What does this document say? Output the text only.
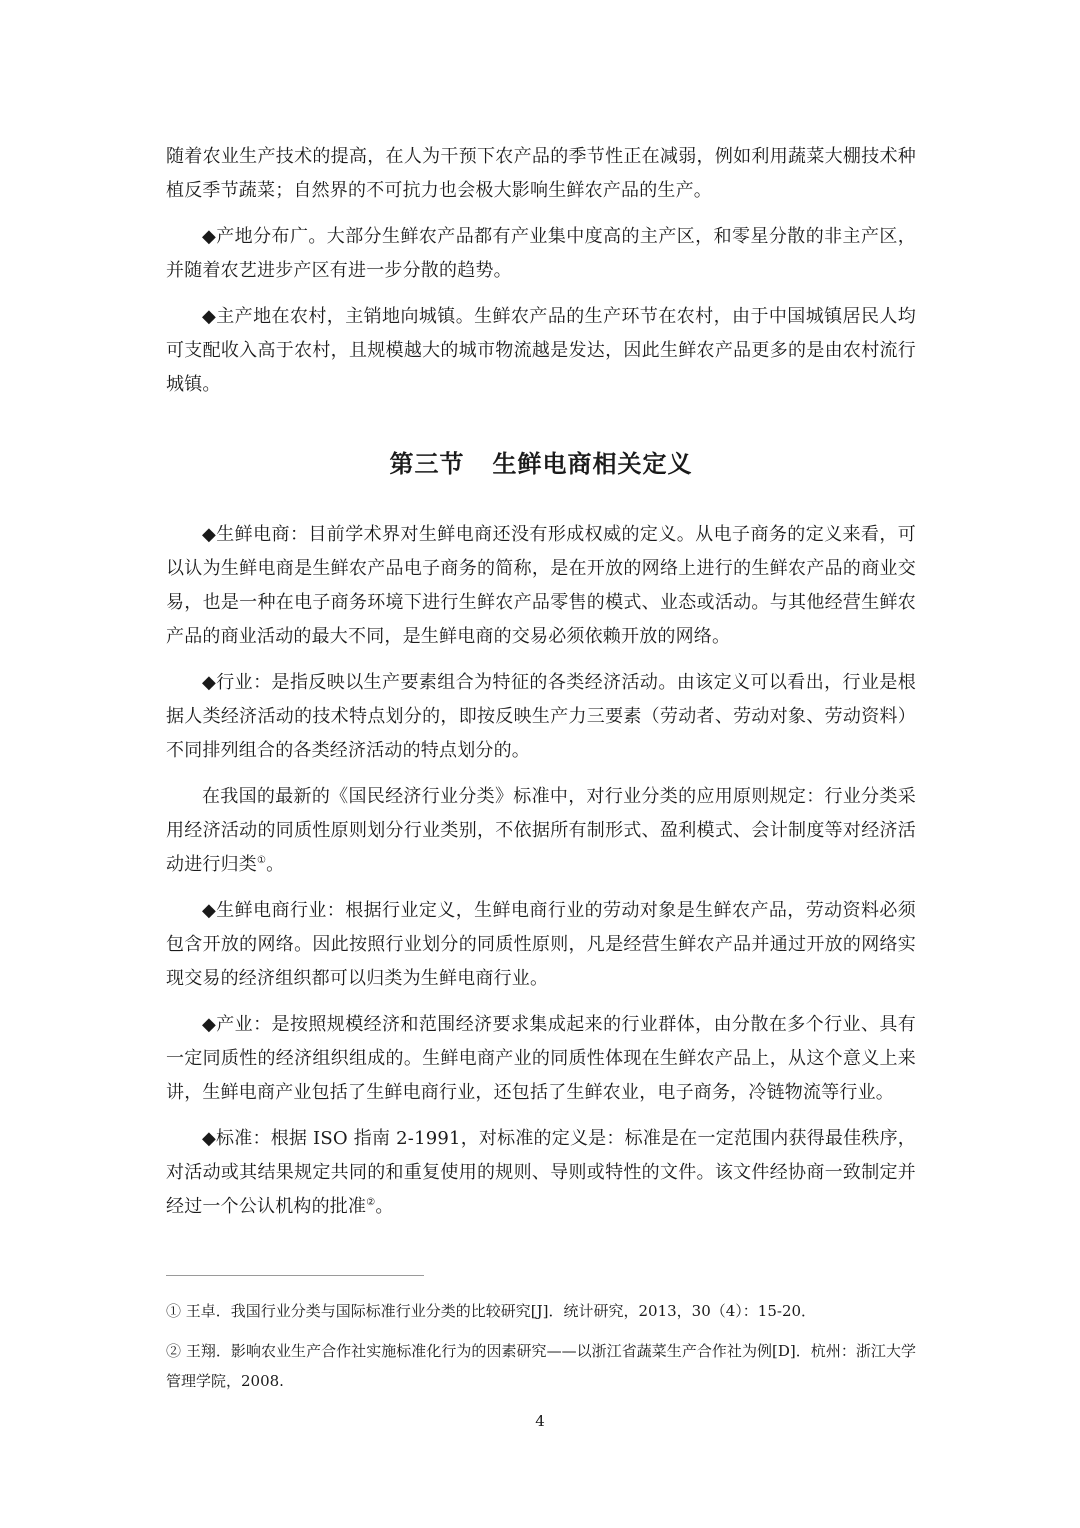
随着农业生产技术的提高，在人为干预下农产品的季节性正在减弱，例如利用蔬菜大棚技术种植反季节蔬菜；自然界的不可抗力也会极大影响生鲜农产品的生产。

◆产地分布广。大部分生鲜农产品都有产业集中度高的主产区，和零星分散的非主产区，并随着农艺进步产区有进一步分散的趋势。

◆主产地在农村，主销地向城镇。生鲜农产品的生产环节在农村，由于中国城镇居民人均可支配收入高于农村，且规模越大的城市物流越是发达，因此生鲜农产品更多的是由农村流行城镇。

第三节 生鲜电商相关定义

◆生鲜电商：目前学术界对生鲜电商还没有形成权威的定义。从电子商务的定义来看，可以认为生鲜电商是生鲜农产品电子商务的简称，是在开放的网络上进行的生鲜农产品的商业交易，也是一种在电子商务环境下进行生鲜农产品零售的模式、业态或活动。与其他经营生鲜农产品的商业活动的最大不同，是生鲜电商的交易必须依赖开放的网络。

◆行业：是指反映以生产要素组合为特征的各类经济活动。由该定义可以看出，行业是根据人类经济活动的技术特点划分的，即按反映生产力三要素（劳动者、劳动对象、劳动资料）不同排列组合的各类经济活动的特点划分的。

在我国的最新的《国民经济行业分类》标准中，对行业分类的应用原则规定：行业分类采用经济活动的同质性原则划分行业类别，不依据所有制形式、盈利模式、会计制度等对经济活动进行归类①。

◆生鲜电商行业：根据行业定义，生鲜电商行业的劳动对象是生鲜农产品，劳动资料必须包含开放的网络。因此按照行业划分的同质性原则，凡是经营生鲜农产品并通过开放的网络实现交易的经济组织都可以归类为生鲜电商行业。

◆产业：是按照规模经济和范围经济要求集成起来的行业群体，由分散在多个行业、具有一定同质性的经济组织组成的。生鲜电商产业的同质性体现在生鲜农产品上，从这个意义上来讲，生鲜电商产业包括了生鲜电商行业，还包括了生鲜农业，电子商务，冷链物流等行业。

◆标准：根据 ISO 指南 2-1991，对标准的定义是：标准是在一定范围内获得最佳秩序，对活动或其结果规定共同的和重复使用的规则、导则或特性的文件。该文件经协商一致制定并经过一个公认机构的批准②。

① 王卓．我国行业分类与国际标准行业分类的比较研究[J]．统计研究，2013，30（4）：15-20．

② 王翔．影响农业生产合作社实施标准化行为的因素研究——以浙江省蔬菜生产合作社为例[D]．杭州：浙江大学管理学院，2008.

4
